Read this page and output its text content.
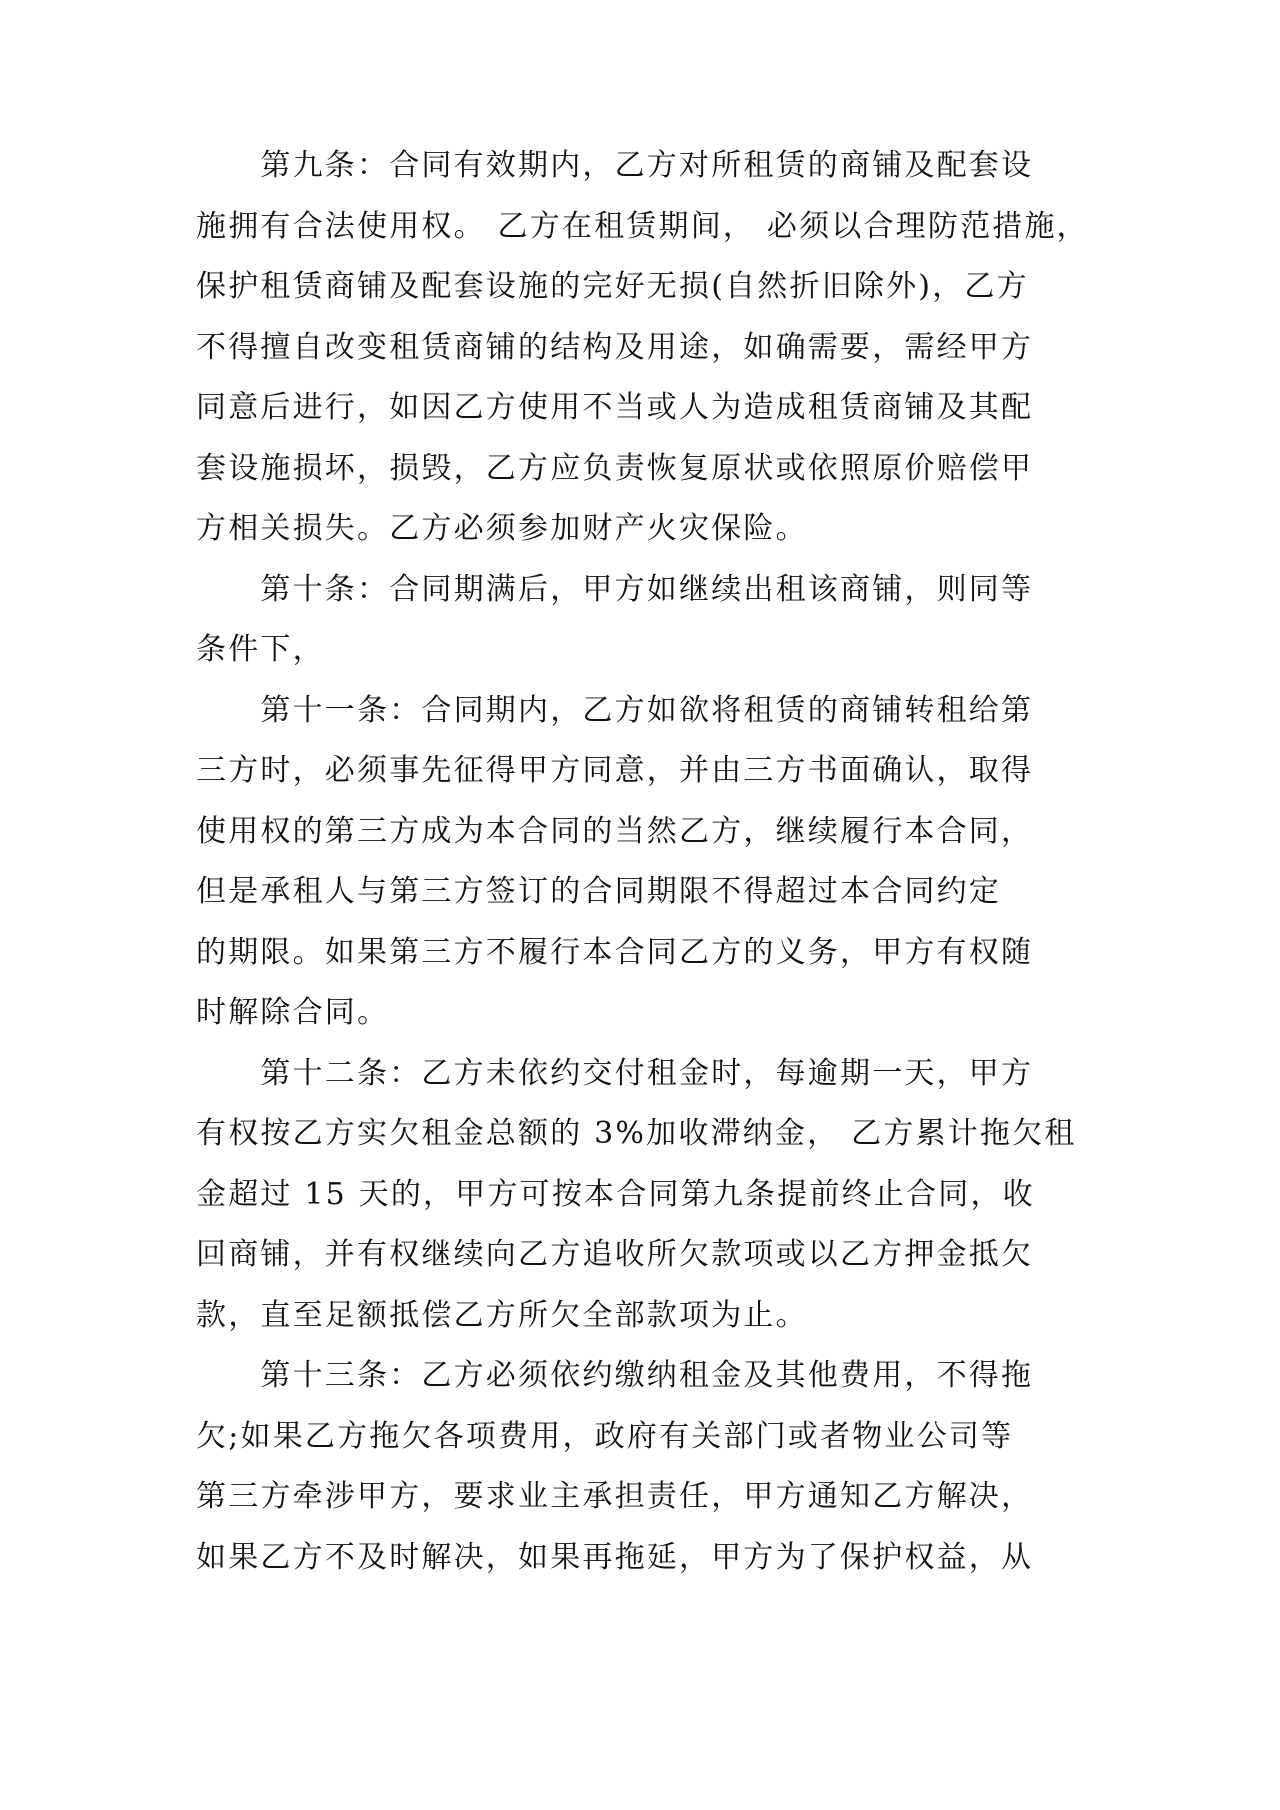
　　第九条：合同有效期内，乙方对所租赁的商铺及配套设
施拥有合法使用权。 乙方在租赁期间， 必须以合理防范措施，
保护租赁商铺及配套设施的完好无损(自然折旧除外)，乙方
不得擅自改变租赁商铺的结构及用途，如确需要，需经甲方
同意后进行，如因乙方使用不当或人为造成租赁商铺及其配
套设施损坏，损毁，乙方应负责恢复原状或依照原价赔偿甲
方相关损失。乙方必须参加财产火灾保险。
　　第十条：合同期满后，甲方如继续出租该商铺，则同等
条件下，
　　第十一条：合同期内，乙方如欲将租赁的商铺转租给第
三方时，必须事先征得甲方同意，并由三方书面确认，取得
使用权的第三方成为本合同的当然乙方，继续履行本合同，
但是承租人与第三方签订的合同期限不得超过本合同约定
的期限。如果第三方不履行本合同乙方的义务，甲方有权随
时解除合同。
　　第十二条：乙方未依约交付租金时，每逾期一天，甲方
有权按乙方实欠租金总额的 3%加收滞纳金， 乙方累计拖欠租
金超过 15 天的，甲方可按本合同第九条提前终止合同，收
回商铺，并有权继续向乙方追收所欠款项或以乙方押金抵欠
款，直至足额抵偿乙方所欠全部款项为止。
　　第十三条：乙方必须依约缴纳租金及其他费用，不得拖
欠;如果乙方拖欠各项费用，政府有关部门或者物业公司等
第三方牵涉甲方，要求业主承担责任，甲方通知乙方解决，
如果乙方不及时解决，如果再拖延，甲方为了保护权益，从
